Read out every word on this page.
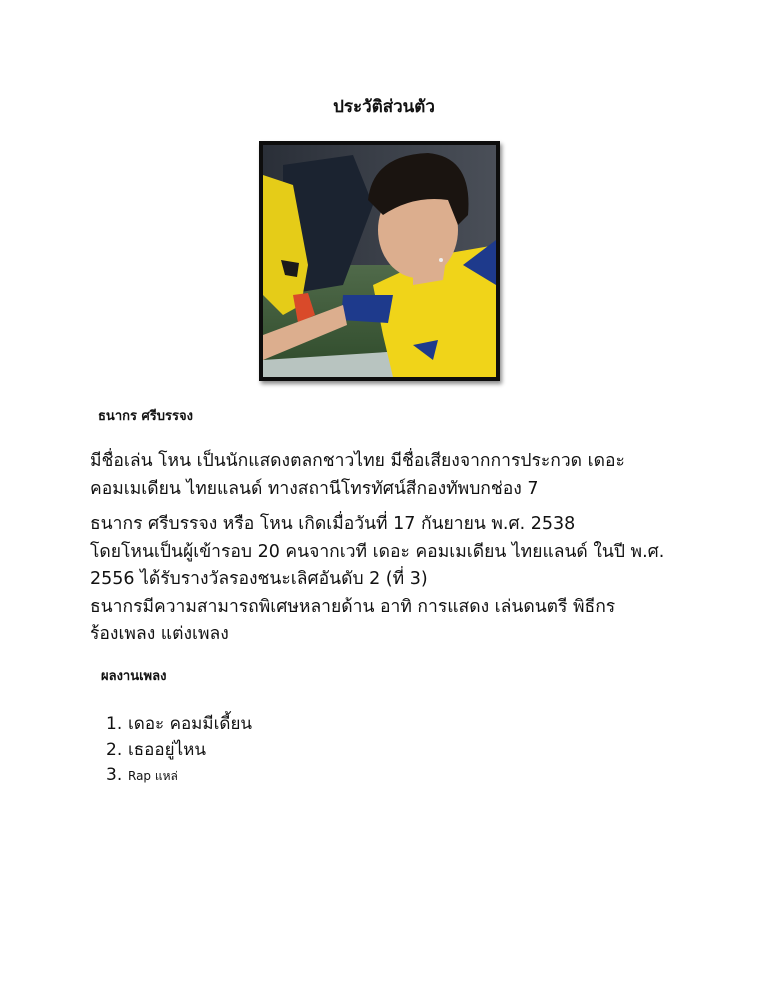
ประวัติส่วนตัว
ธนากร ศรีบรรจง
มีชื่อเล่น โหน เป็นนักแสดงตลกชาวไทย มีชื่อเสียงจากการประกวด เดอะ
คอมเมเดียน ไทยแลนด์ ทางสถานีโทรทัศน์สีกองทัพบกช่อง 7
ธนากร ศรีบรรจง หรือ โหน เกิดเมื่อวันที่ 17 กันยายน พ.ศ. 2538
โดยโหนเป็นผู้เข้ารอบ 20 คนจากเวที เดอะ คอมเมเดียน ไทยแลนด์ ในปี พ.ศ.
2556 ได้รับรางวัลรองชนะเลิศอันดับ 2 (ที่ 3)
ธนากรมีความสามารถพิเศษหลายด้าน อาทิ การแสดง เล่นดนตรี พิธีกร
ร้องเพลง แต่งเพลง
ผลงานเพลง
1. เดอะ คอมมีเดี้ยน
2. เธออยู่ไหน
3. Rap แหล่
